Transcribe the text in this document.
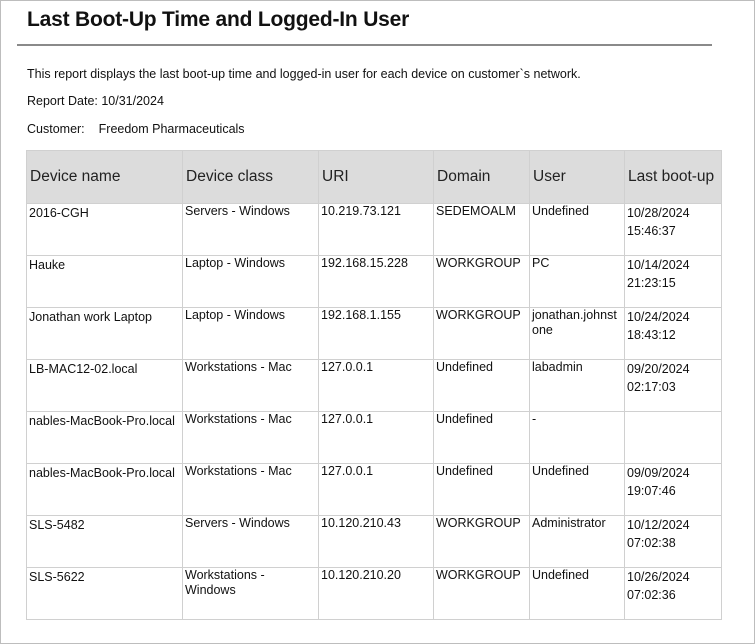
Last Boot-Up Time and Logged-In User
This report displays the last boot-up time and logged-in user for each device on customer`s network.
Report Date: 10/31/2024
Customer: Freedom Pharmaceuticals
Device name	Device class	URI	Domain	User	Last boot-up
2016-CGH	Servers - Windows	10.219.73.121	SEDEMOALM	Undefined	10/28/2024
15:46:37

Hauke	Laptop - Windows	192.168.15.228	WORKGROUP	PC	10/14/2024
21:23:15

Jonathan work Laptop	Laptop - Windows	192.168.1.155	WORKGROUP	jonathan.johnstone	10/24/2024
18:43:12

LB-MAC12-02.local	Workstations - Mac	127.0.0.1	Undefined	labadmin	09/20/2024
02:17:03

nables-MacBook-Pro.local	Workstations - Mac	127.0.0.1	Undefined	-	

nables-MacBook-Pro.local	Workstations - Mac	127.0.0.1	Undefined	Undefined	09/09/2024
19:07:46

SLS-5482	Servers - Windows	10.120.210.43	WORKGROUP	Administrator	10/12/2024
07:02:38

SLS-5622	Workstations - Windows	10.120.210.20	WORKGROUP	Undefined	10/26/2024
07:02:36
